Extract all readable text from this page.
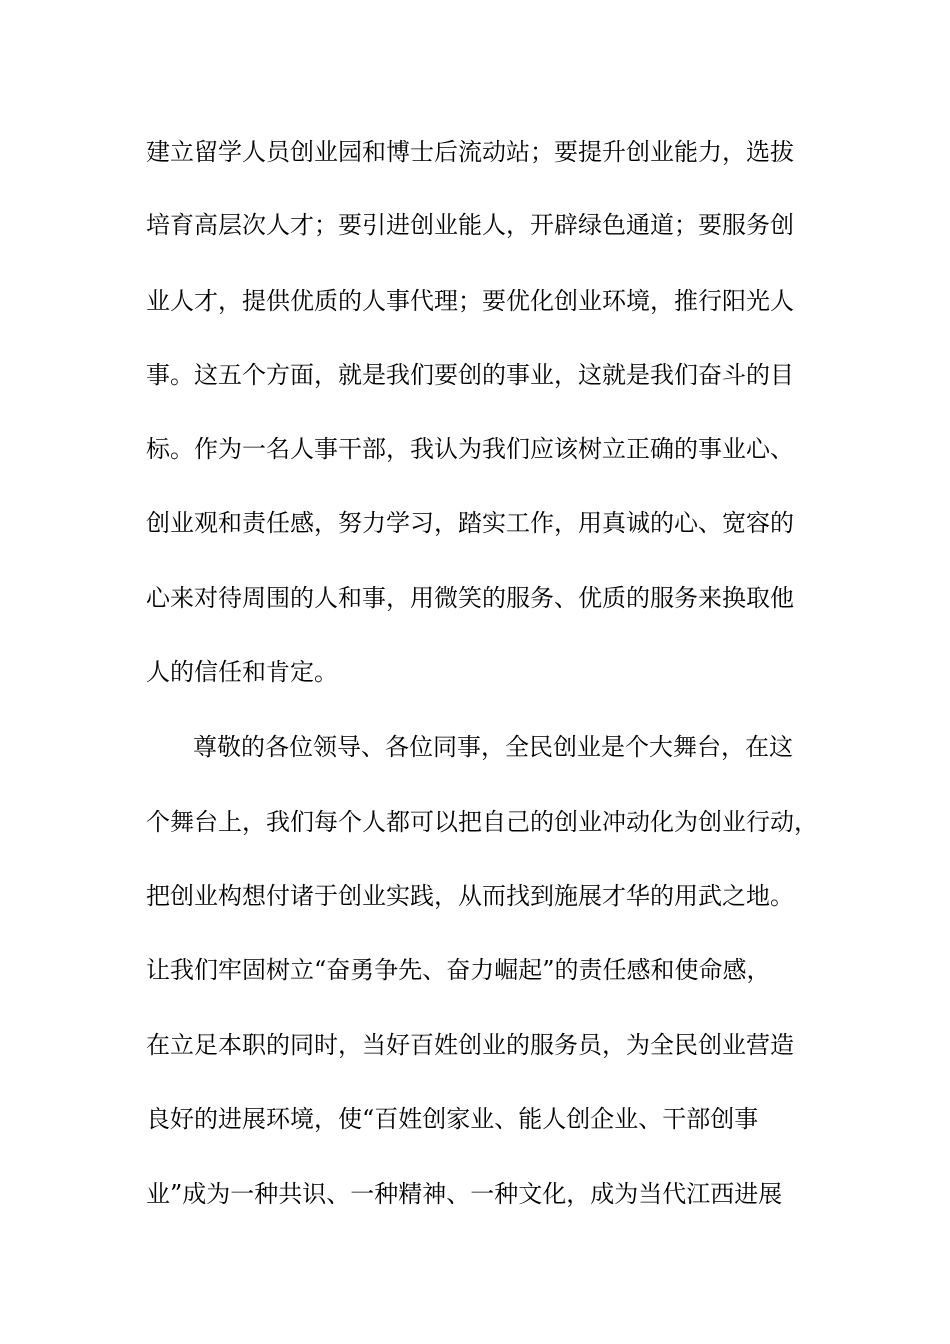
建立留学人员创业园和博士后流动站；要提升创业能力，选拔
培育高层次人才；要引进创业能人，开辟绿色通道；要服务创
业人才，提供优质的人事代理；要优化创业环境，推行阳光人
事。这五个方面，就是我们要创的事业，这就是我们奋斗的目
标。作为一名人事干部，我认为我们应该树立正确的事业心、
创业观和责任感，努力学习，踏实工作，用真诚的心、宽容的
心来对待周围的人和事，用微笑的服务、优质的服务来换取他
人的信任和肯定。
尊敬的各位领导、各位同事，全民创业是个大舞台，在这
个舞台上，我们每个人都可以把自己的创业冲动化为创业行动，
把创业构想付诸于创业实践，从而找到施展才华的用武之地。
让我们牢固树立“奋勇争先、奋力崛起”的责任感和使命感，
在立足本职的同时，当好百姓创业的服务员，为全民创业营造
良好的进展环境，使“百姓创家业、能人创企业、干部创事
业”成为一种共识、一种精神、一种文化，成为当代江西进展
